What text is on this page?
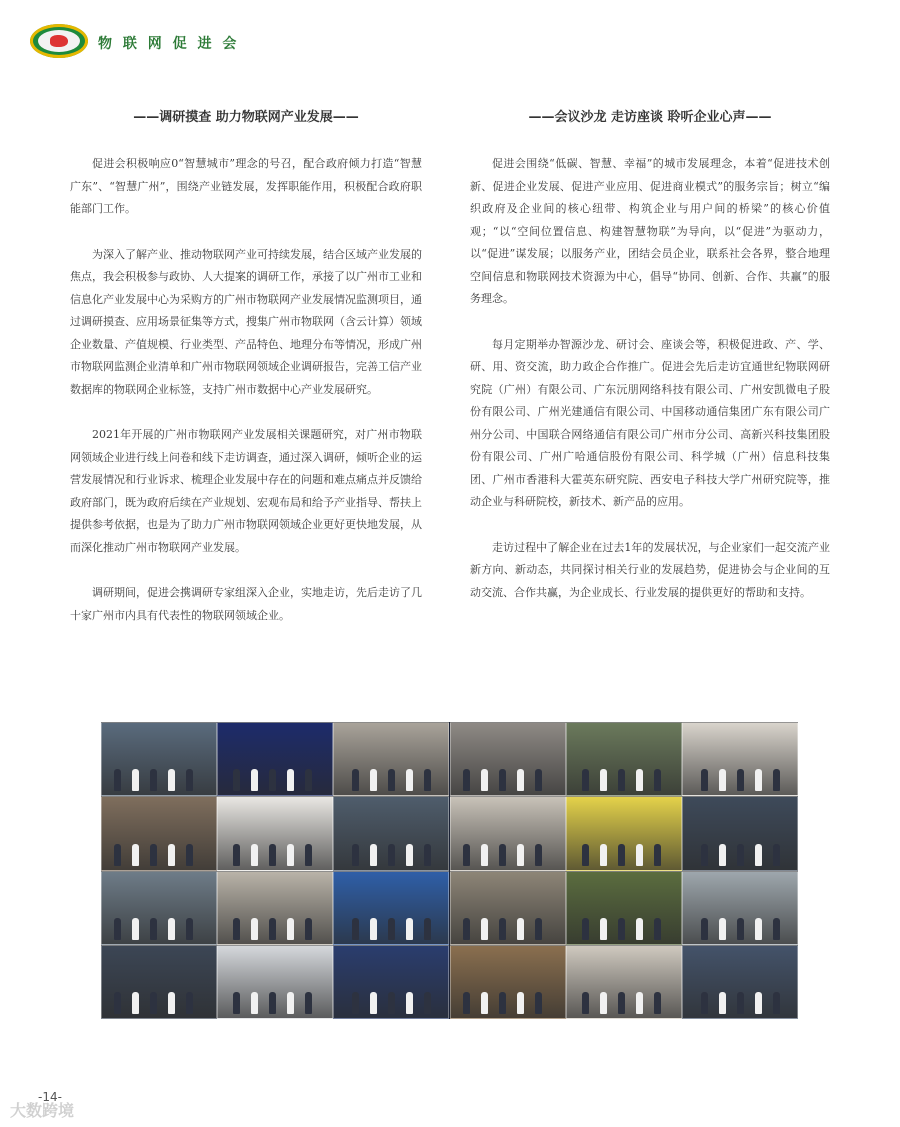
物 联 网 促 进 会
——调研摸查 助力物联网产业发展——

促进会积极响应0“智慧城市”理念的号召，配合政府倾力打造“智慧广东”、“智慧广州”，围绕产业链发展，发挥职能作用，积极配合政府职能部门工作。

为深入了解产业、推动物联网产业可持续发展，结合区域产业发展的焦点，我会积极参与政协、人大提案的调研工作，承接了以广州市工业和信息化产业发展中心为采购方的广州市物联网产业发展情况监测项目，通过调研摸查、应用场景征集等方式，搜集广州市物联网（含云计算）领域企业数量、产值规模、行业类型、产品特色、地理分布等情况，形成广州市物联网监测企业清单和广州市物联网领域企业调研报告，完善工信产业数据库的物联网企业标签，支持广州市数据中心产业发展研究。

2021年开展的广州市物联网产业发展相关课题研究，对广州市物联网领域企业进行线上问卷和线下走访调查，通过深入调研，倾听企业的运营发展情况和行业诉求、梳理企业发展中存在的问题和难点痛点并反馈给政府部门，既为政府后续在产业规划、宏观布局和给予产业指导、帮扶上提供参考依据，也是为了助力广州市物联网领域企业更好更快地发展，从而深化推动广州市物联网产业发展。

调研期间，促进会携调研专家组深入企业，实地走访，先后走访了几十家广州市内具有代表性的物联网领域企业。

——会议沙龙 走访座谈 聆听企业心声——

促进会围绕“低碳、智慧、幸福”的城市发展理念，本着“促进技术创新、促进企业发展、促进产业应用、促进商业模式”的服务宗旨；树立“编织政府及企业间的核心纽带、构筑企业与用户间的桥梁”的核心价值观；“以“空间位置信息、构建智慧物联”为导向，以“促进”为驱动力，以“促进”谋发展；以服务产业，团结会员企业，联系社会各界，整合地理空间信息和物联网技术资源为中心，倡导“协同、创新、合作、共赢”的服务理念。

每月定期举办智源沙龙、研讨会、座谈会等，积极促进政、产、学、研、用、资交流，助力政企合作推广。促进会先后走访宜通世纪物联网研究院（广州）有限公司、广东沅朋网络科技有限公司、广州安凯微电子股份有限公司、广州光建通信有限公司、中国移动通信集团广东有限公司广州分公司、中国联合网络通信有限公司广州市分公司、高新兴科技集团股份有限公司、广州广哈通信股份有限公司、科学城（广州）信息科技集团、广州市香港科大霍英东研究院、西安电子科技大学广州研究院等，推动企业与科研院校，新技术、新产品的应用。

走访过程中了解企业在过去1年的发展状况，与企业家们一起交流产业新方向、新动态，共同探讨相关行业的发展趋势，促进协会与企业间的互动交流、合作共赢，为企业成长、行业发展的提供更好的帮助和支持。

-14-
大数跨境
